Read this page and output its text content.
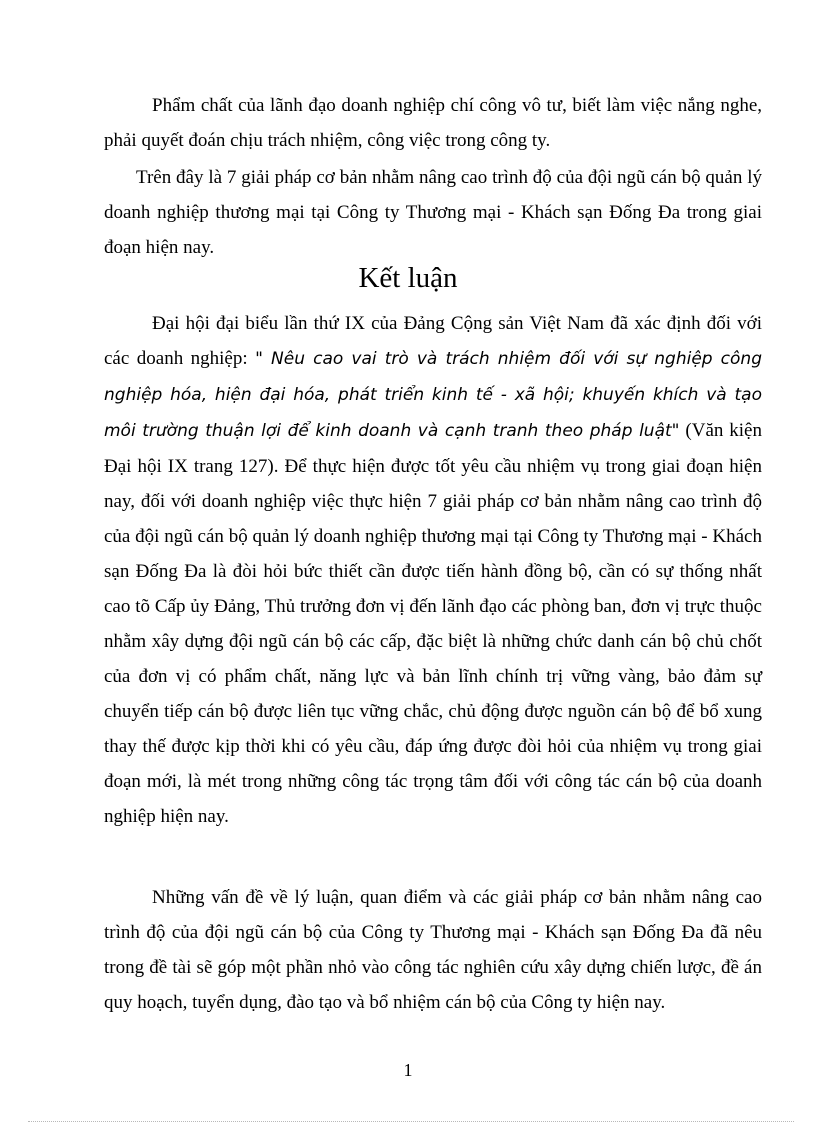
Phẩm chất của lãnh đạo doanh nghiệp chí công vô tư, biết làm việc nắng nghe, phải quyết đoán chịu trách nhiệm, công việc trong công ty.

Trên đây là 7 giải pháp cơ bản nhằm nâng cao trình độ của đội ngũ cán bộ quản lý doanh nghiệp thương mại tại Công ty Thương mại - Khách sạn Đống Đa trong giai đoạn hiện nay.

Kết luận

Đại hội đại biểu lần thứ IX của Đảng Cộng sản Việt Nam đã xác định đối với các doanh nghiệp: " Nêu cao vai trò và trách nhiệm đối với sự nghiệp công nghiệp hóa, hiện đại hóa, phát triển kinh tế - xã hội; khuyến khích và tạo môi trường thuận lợi để kinh doanh và cạnh tranh theo pháp luật" (Văn kiện Đại hội IX trang 127). Để thực hiện được tốt yêu cầu nhiệm vụ trong giai đoạn hiện nay, đối với doanh nghiệp việc thực hiện 7 giải pháp cơ bản nhằm nâng cao trình độ của đội ngũ cán bộ quản lý doanh nghiệp thương mại tại Công ty Thương mại - Khách sạn Đống Đa là đòi hỏi bức thiết cần được tiến hành đồng bộ, cần có sự thống nhất cao tõ Cấp ủy Đảng, Thủ trưởng đơn vị đến lãnh đạo các phòng ban, đơn vị trực thuộc nhằm xây dựng đội ngũ cán bộ các cấp, đặc biệt là những chức danh cán bộ chủ chốt của đơn vị có phẩm chất, năng lực và bản lĩnh chính trị vững vàng, bảo đảm sự chuyển tiếp cán bộ được liên tục vững chắc, chủ động được nguồn cán bộ để bổ xung thay thế được kịp thời khi có yêu cầu, đáp ứng được đòi hỏi của nhiệm vụ trong giai đoạn mới, là mét trong những công tác trọng tâm đối với công tác cán bộ của doanh nghiệp hiện nay.

Những vấn đề về lý luận, quan điểm và các giải pháp cơ bản nhằm nâng cao trình độ của đội ngũ cán bộ của Công ty Thương mại - Khách sạn Đống Đa đã nêu trong đề tài sẽ góp một phần nhỏ vào công tác nghiên cứu xây dựng chiến lược, đề án quy hoạch, tuyển dụng, đào tạo và bổ nhiệm cán bộ của Công ty hiện nay.

1
